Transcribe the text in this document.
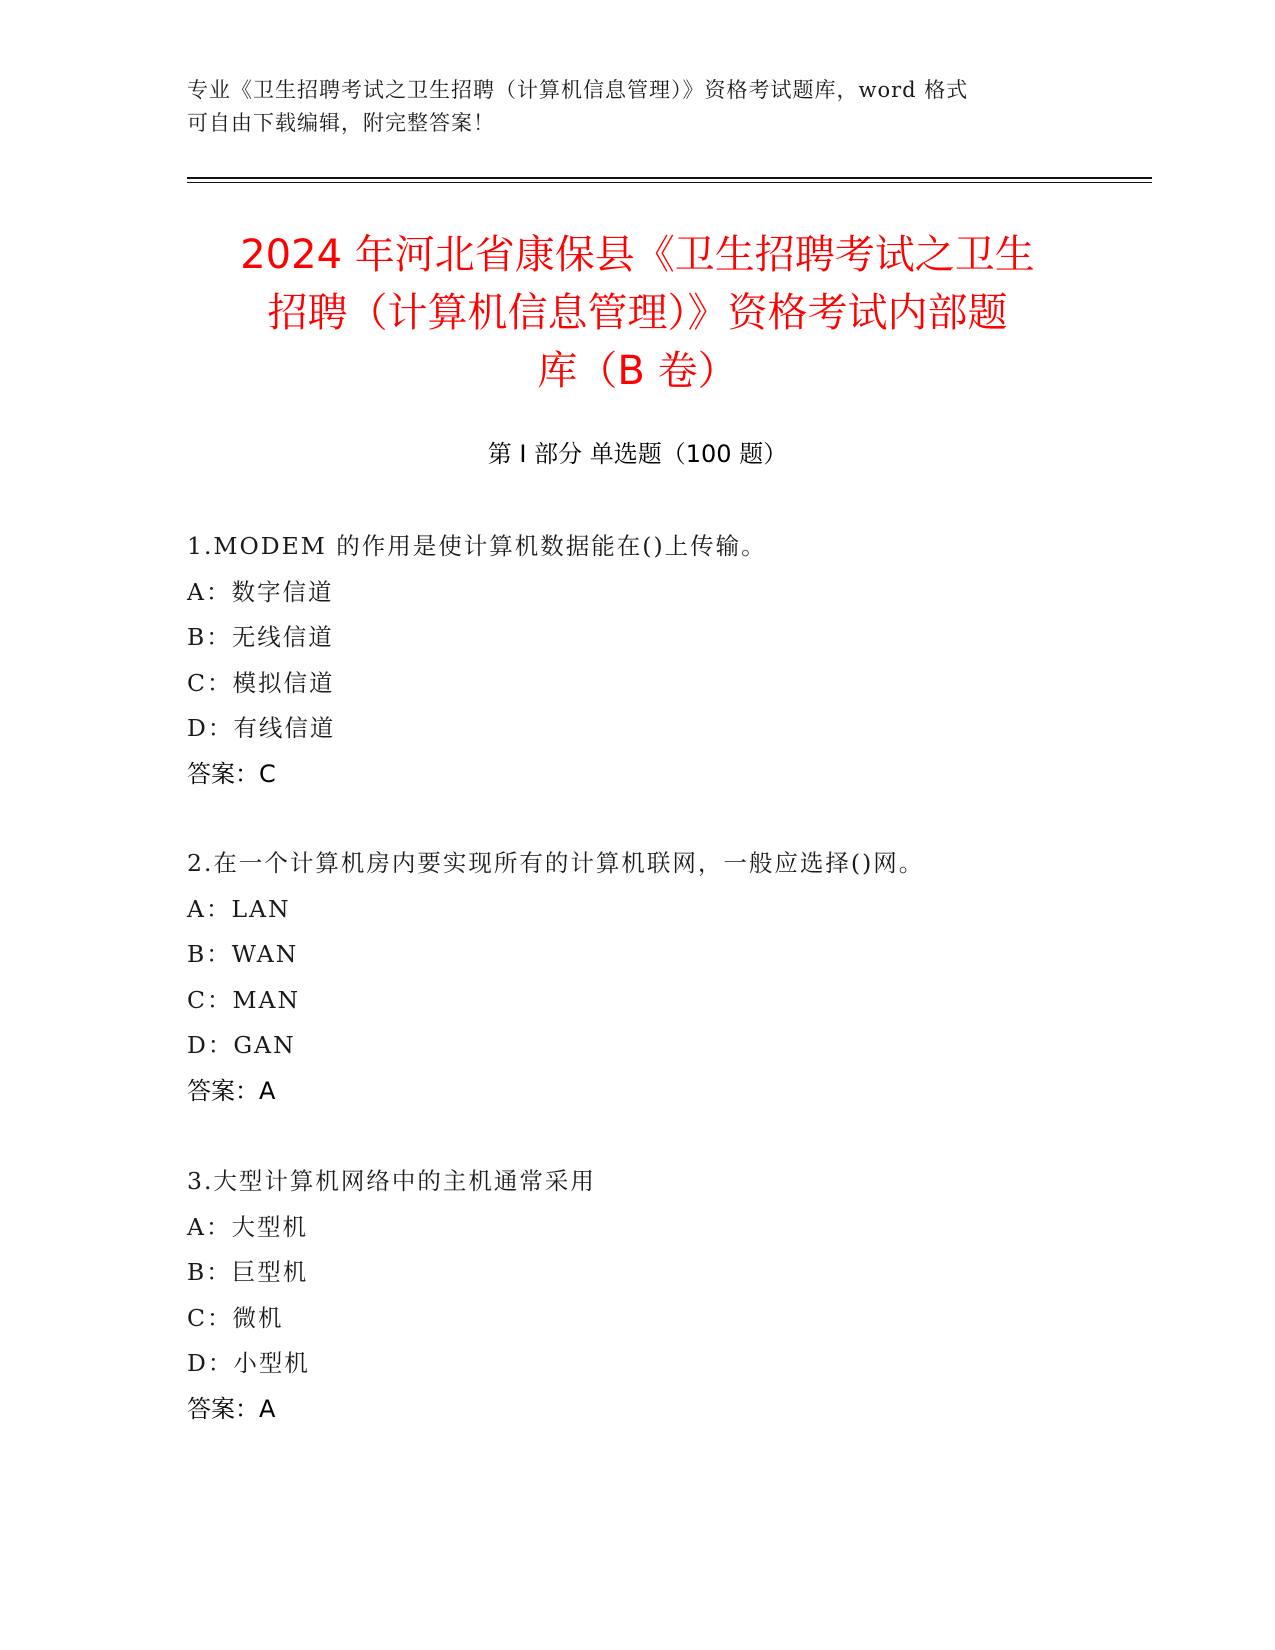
专业《卫生招聘考试之卫生招聘（计算机信息管理）》资格考试题库，word 格式
可自由下载编辑，附完整答案！
2024 年河北省康保县《卫生招聘考试之卫生
招聘（计算机信息管理）》资格考试内部题
库（B 卷）
第 I 部分 单选题（100 题）
1.MODEM 的作用是使计算机数据能在()上传输。
A：数字信道
B：无线信道
C：模拟信道
D：有线信道
答案：C
2.在一个计算机房内要实现所有的计算机联网，一般应选择()网。
A：LAN
B：WAN
C：MAN
D：GAN
答案：A
3.大型计算机网络中的主机通常采用
A：大型机
B：巨型机
C：微机
D：小型机
答案：A
